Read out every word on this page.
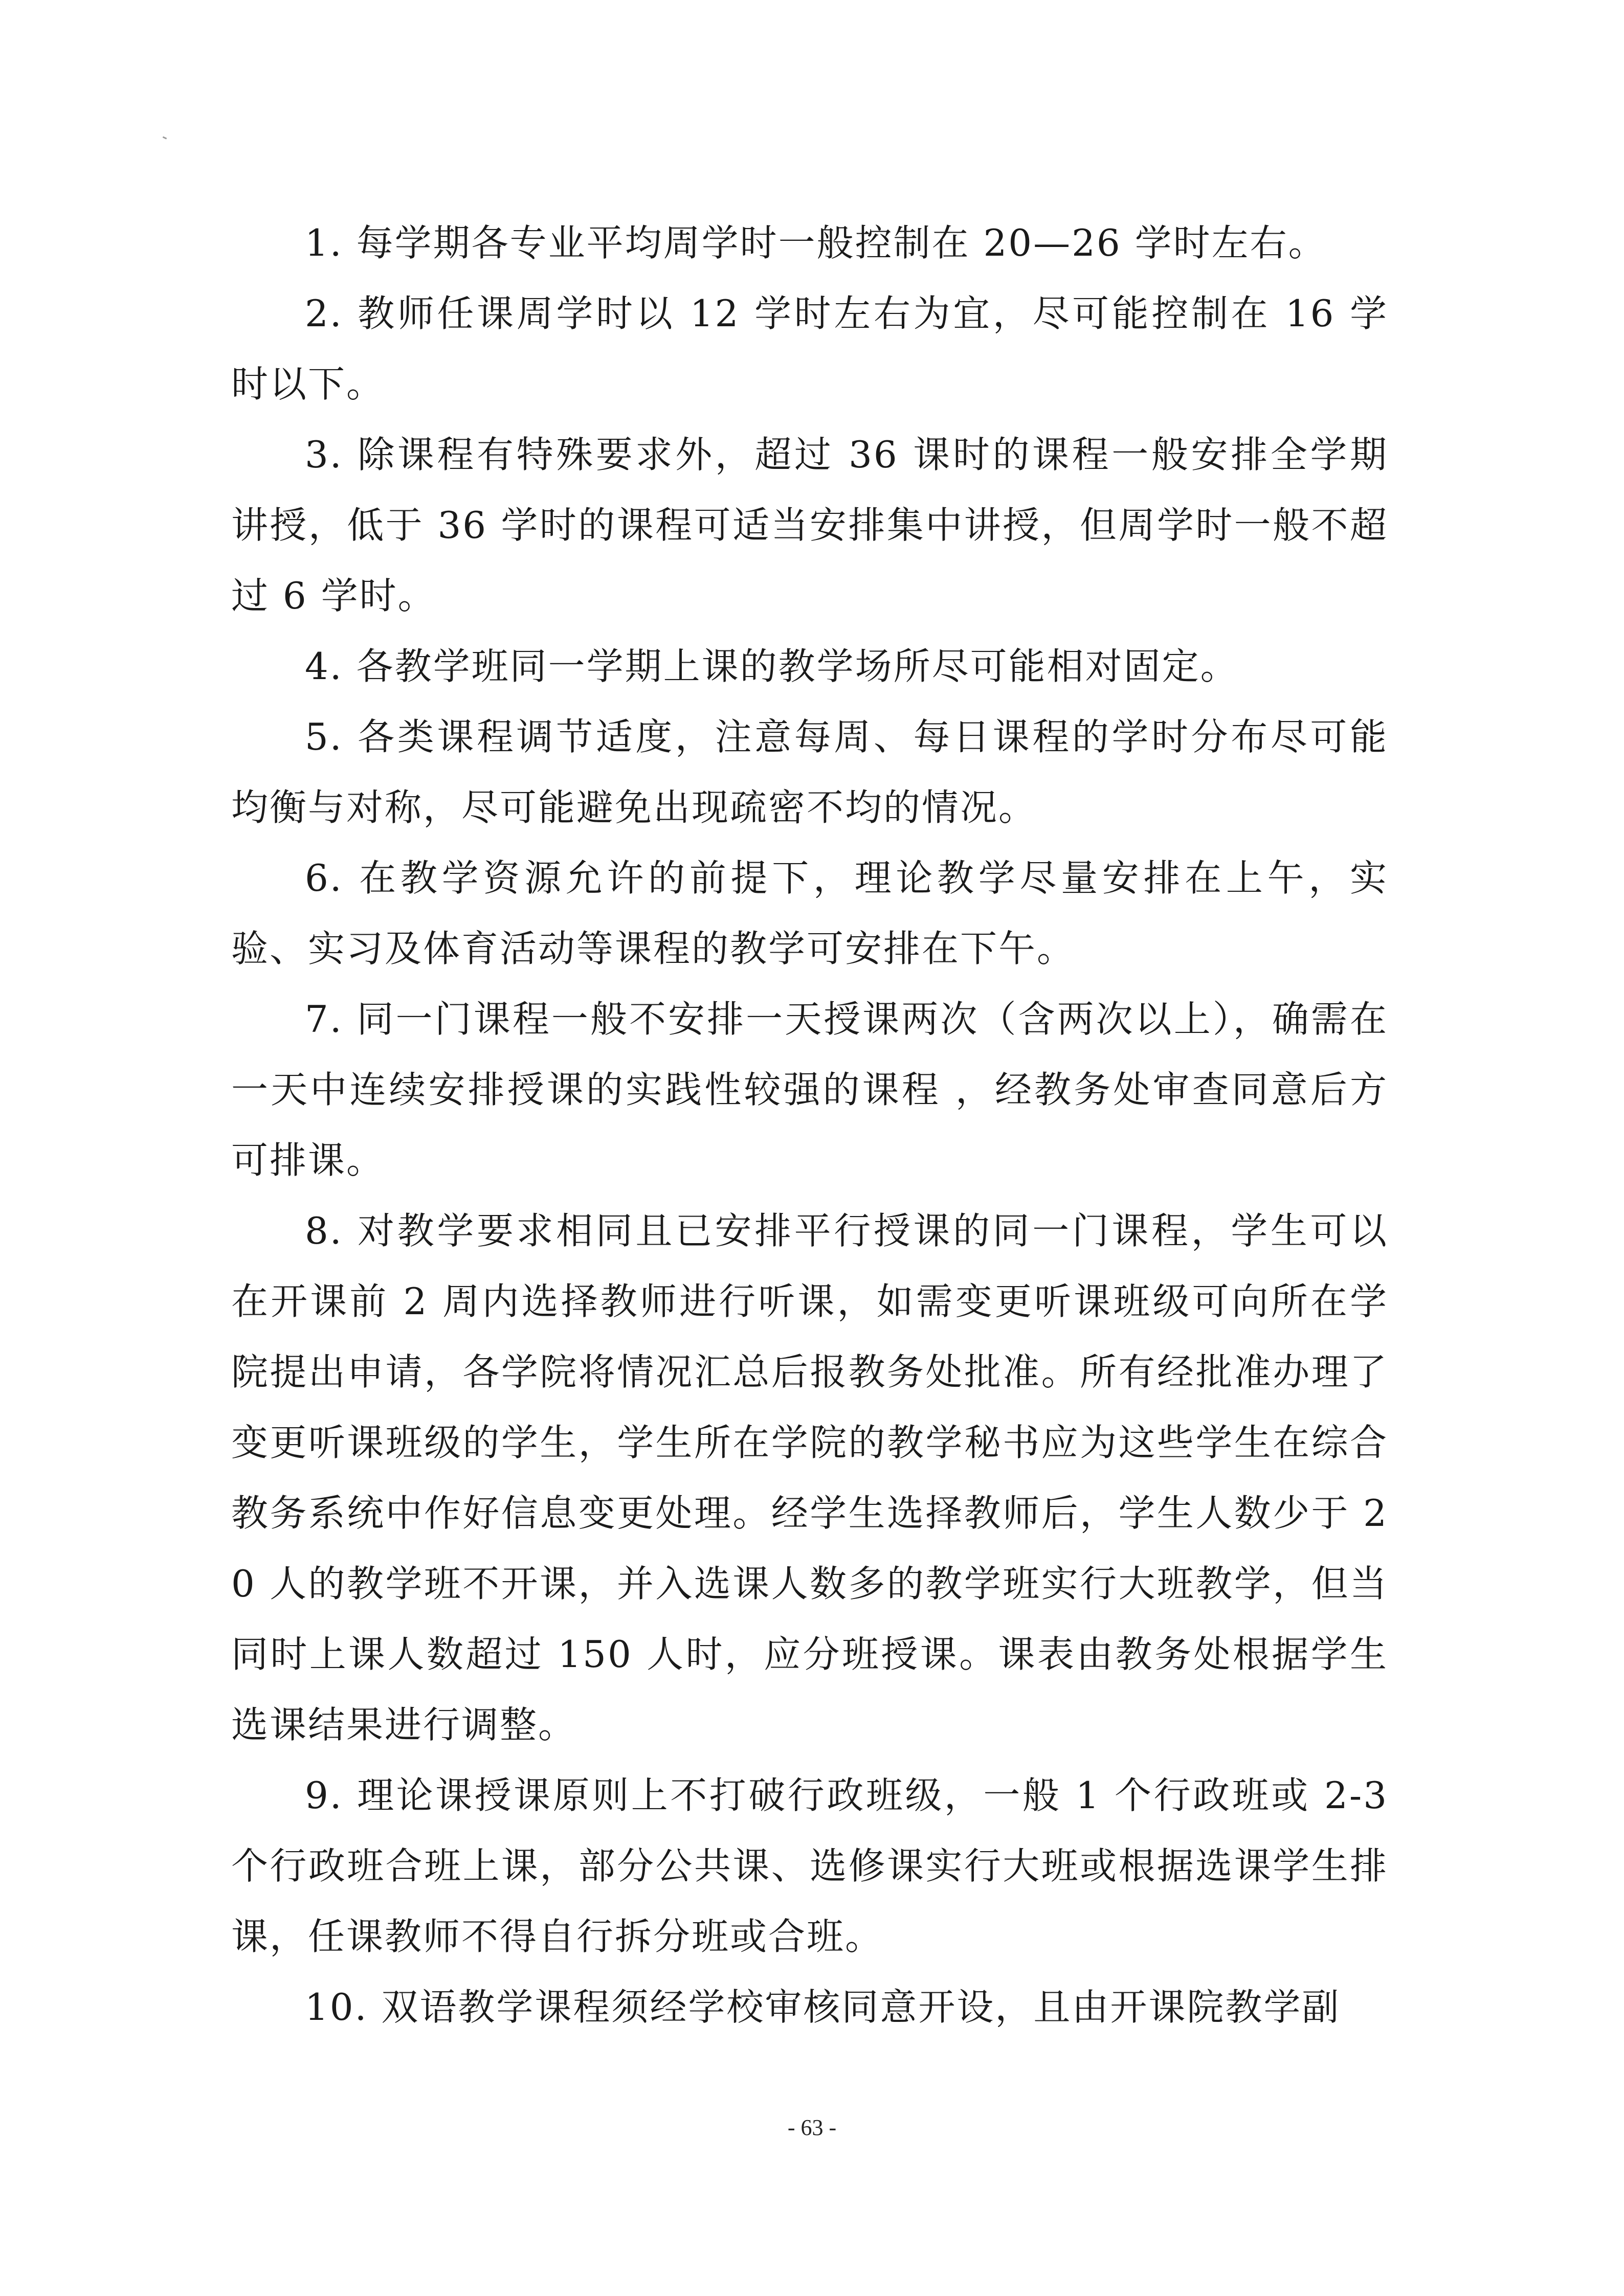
1. 每学期各专业平均周学时一般控制在 20—26 学时左右。

2. 教师任课周学时以 12 学时左右为宜，尽可能控制在 16 学时以下。

3. 除课程有特殊要求外，超过 36 课时的课程一般安排全学期讲授，低于 36 学时的课程可适当安排集中讲授，但周学时一般不超过 6 学时。

4. 各教学班同一学期上课的教学场所尽可能相对固定。

5. 各类课程调节适度，注意每周、每日课程的学时分布尽可能均衡与对称，尽可能避免出现疏密不均的情况。

6. 在教学资源允许的前提下，理论教学尽量安排在上午，实验、实习及体育活动等课程的教学可安排在下午。

7. 同一门课程一般不安排一天授课两次（含两次以上），确需在一天中连续安排授课的实践性较强的课程 ，经教务处审查同意后方可排课。

8. 对教学要求相同且已安排平行授课的同一门课程，学生可以在开课前 2 周内选择教师进行听课，如需变更听课班级可向所在学院提出申请，各学院将情况汇总后报教务处批准。所有经批准办理了变更听课班级的学生，学生所在学院的教学秘书应为这些学生在综合教务系统中作好信息变更处理。经学生选择教师后，学生人数少于 20 人的教学班不开课，并入选课人数多的教学班实行大班教学，但当同时上课人数超过 150 人时，应分班授课。课表由教务处根据学生选课结果进行调整。

9. 理论课授课原则上不打破行政班级，一般 1 个行政班或 2-3 个行政班合班上课，部分公共课、选修课实行大班或根据选课学生排课，任课教师不得自行拆分班或合班。

10. 双语教学课程须经学校审核同意开设，且由开课院教学副

- 63 -
